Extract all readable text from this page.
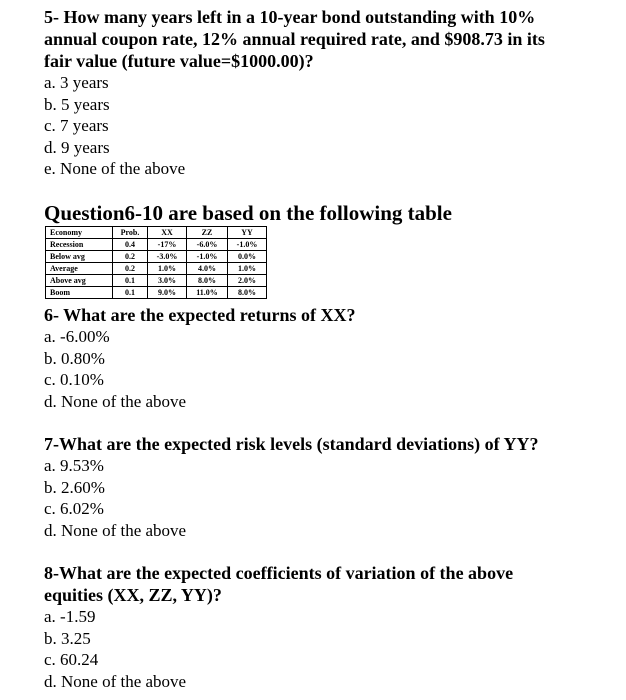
5- How many years left in a 10-year bond outstanding with 10%

annual coupon rate, 12% annual required rate, and $908.73 in its

fair value (future value=$1000.00)?

a. 3 years

b. 5 years

c. 7 years

d. 9 years

e. None of the above

Question6-10 are based on the following table
Economy	Prob.	XX	ZZ	YY
Recession	0.4	-17%	-6.0%	-1.0%
Below avg	0.2	-3.0%	-1.0%	0.0%
Average	0.2	1.0%	4.0%	1.0%
Above avg	0.1	3.0%	8.0%	2.0%
Boom	0.1	9.0%	11.0%	8.0%

6- What are the expected returns of XX?

a. -6.00%

b. 0.80%

c. 0.10%

d. None of the above

7-What are the expected risk levels (standard deviations) of YY?

a. 9.53%

b. 2.60%

c. 6.02%

d. None of the above

8-What are the expected coefficients of variation of the above

equities (XX, ZZ, YY)?

a. -1.59

b. 3.25

c. 60.24

d. None of the above
